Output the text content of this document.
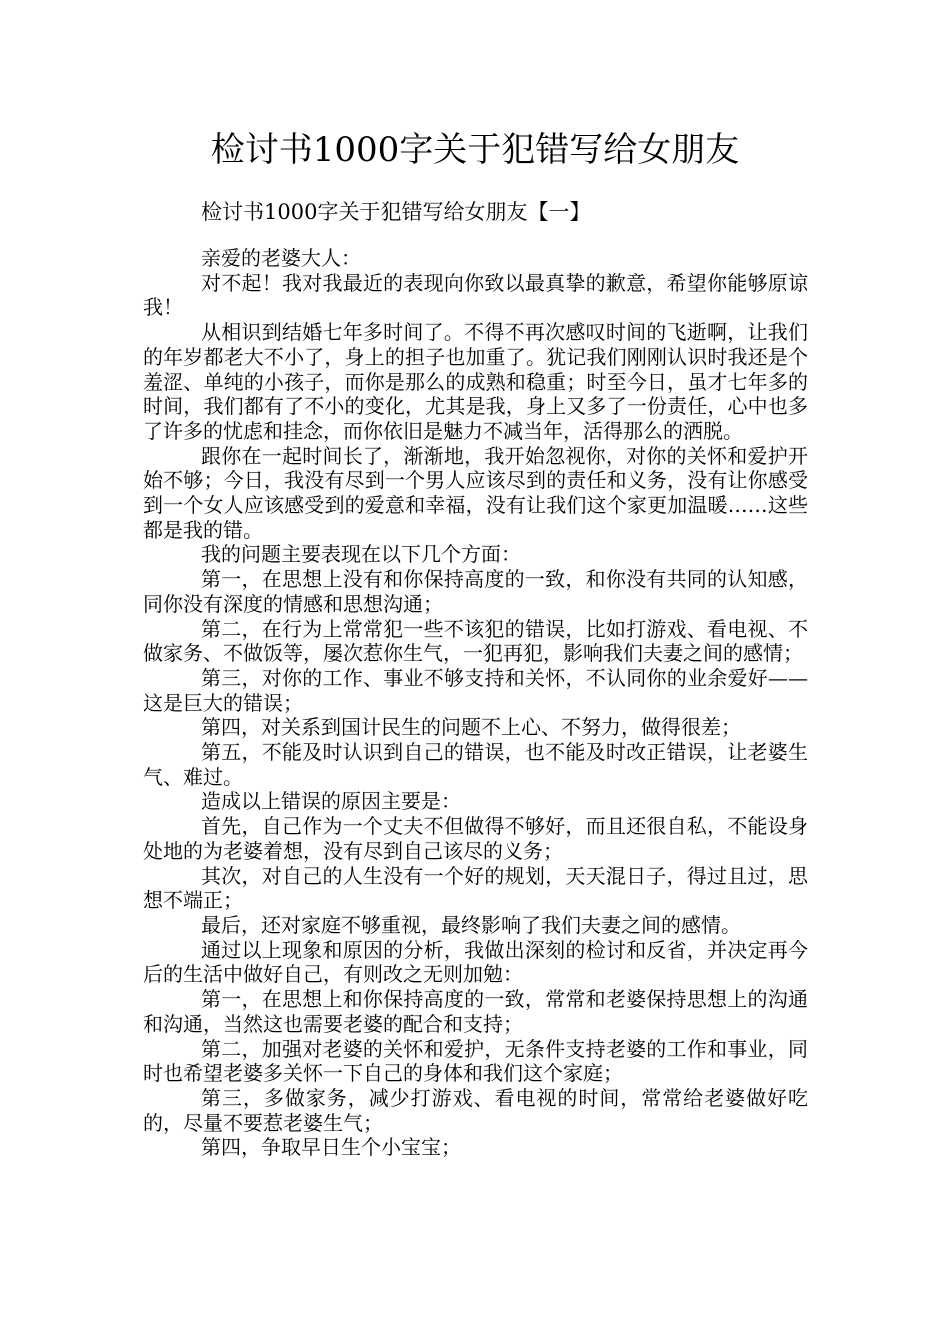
检讨书1000字关于犯错写给女朋友
检讨书1000字关于犯错写给女朋友【一】

亲爱的老婆大人：

对不起！我对我最近的表现向你致以最真挚的歉意，希望你能够原谅我！

从相识到结婚七年多时间了。不得不再次感叹时间的飞逝啊，让我们的年岁都老大不小了，身上的担子也加重了。犹记我们刚刚认识时我还是个羞涩、单纯的小孩子，而你是那么的成熟和稳重；时至今日，虽才七年多的时间，我们都有了不小的变化，尤其是我，身上又多了一份责任，心中也多了许多的忧虑和挂念，而你依旧是魅力不减当年，活得那么的洒脱。

跟你在一起时间长了，渐渐地，我开始忽视你，对你的关怀和爱护开始不够；今日，我没有尽到一个男人应该尽到的责任和义务，没有让你感受到一个女人应该感受到的爱意和幸福，没有让我们这个家更加温暖……这些都是我的错。

我的问题主要表现在以下几个方面：

第一，在思想上没有和你保持高度的一致，和你没有共同的认知感，同你没有深度的情感和思想沟通；

第二，在行为上常常犯一些不该犯的错误，比如打游戏、看电视、不做家务、不做饭等，屡次惹你生气，一犯再犯，影响我们夫妻之间的感情；

第三，对你的工作、事业不够支持和关怀，不认同你的业余爱好——这是巨大的错误；

第四，对关系到国计民生的问题不上心、不努力，做得很差；

第五，不能及时认识到自己的错误，也不能及时改正错误，让老婆生气、难过。

造成以上错误的原因主要是：

首先，自己作为一个丈夫不但做得不够好，而且还很自私，不能设身处地的为老婆着想，没有尽到自己该尽的义务；

其次，对自己的人生没有一个好的规划，天天混日子，得过且过，思想不端正；

最后，还对家庭不够重视，最终影响了我们夫妻之间的感情。

通过以上现象和原因的分析，我做出深刻的检讨和反省，并决定再今后的生活中做好自己，有则改之无则加勉：

第一，在思想上和你保持高度的一致，常常和老婆保持思想上的沟通和沟通，当然这也需要老婆的配合和支持；

第二，加强对老婆的关怀和爱护，无条件支持老婆的工作和事业，同时也希望老婆多关怀一下自己的身体和我们这个家庭；

第三，多做家务，减少打游戏、看电视的时间，常常给老婆做好吃的，尽量不要惹老婆生气；

第四，争取早日生个小宝宝；
